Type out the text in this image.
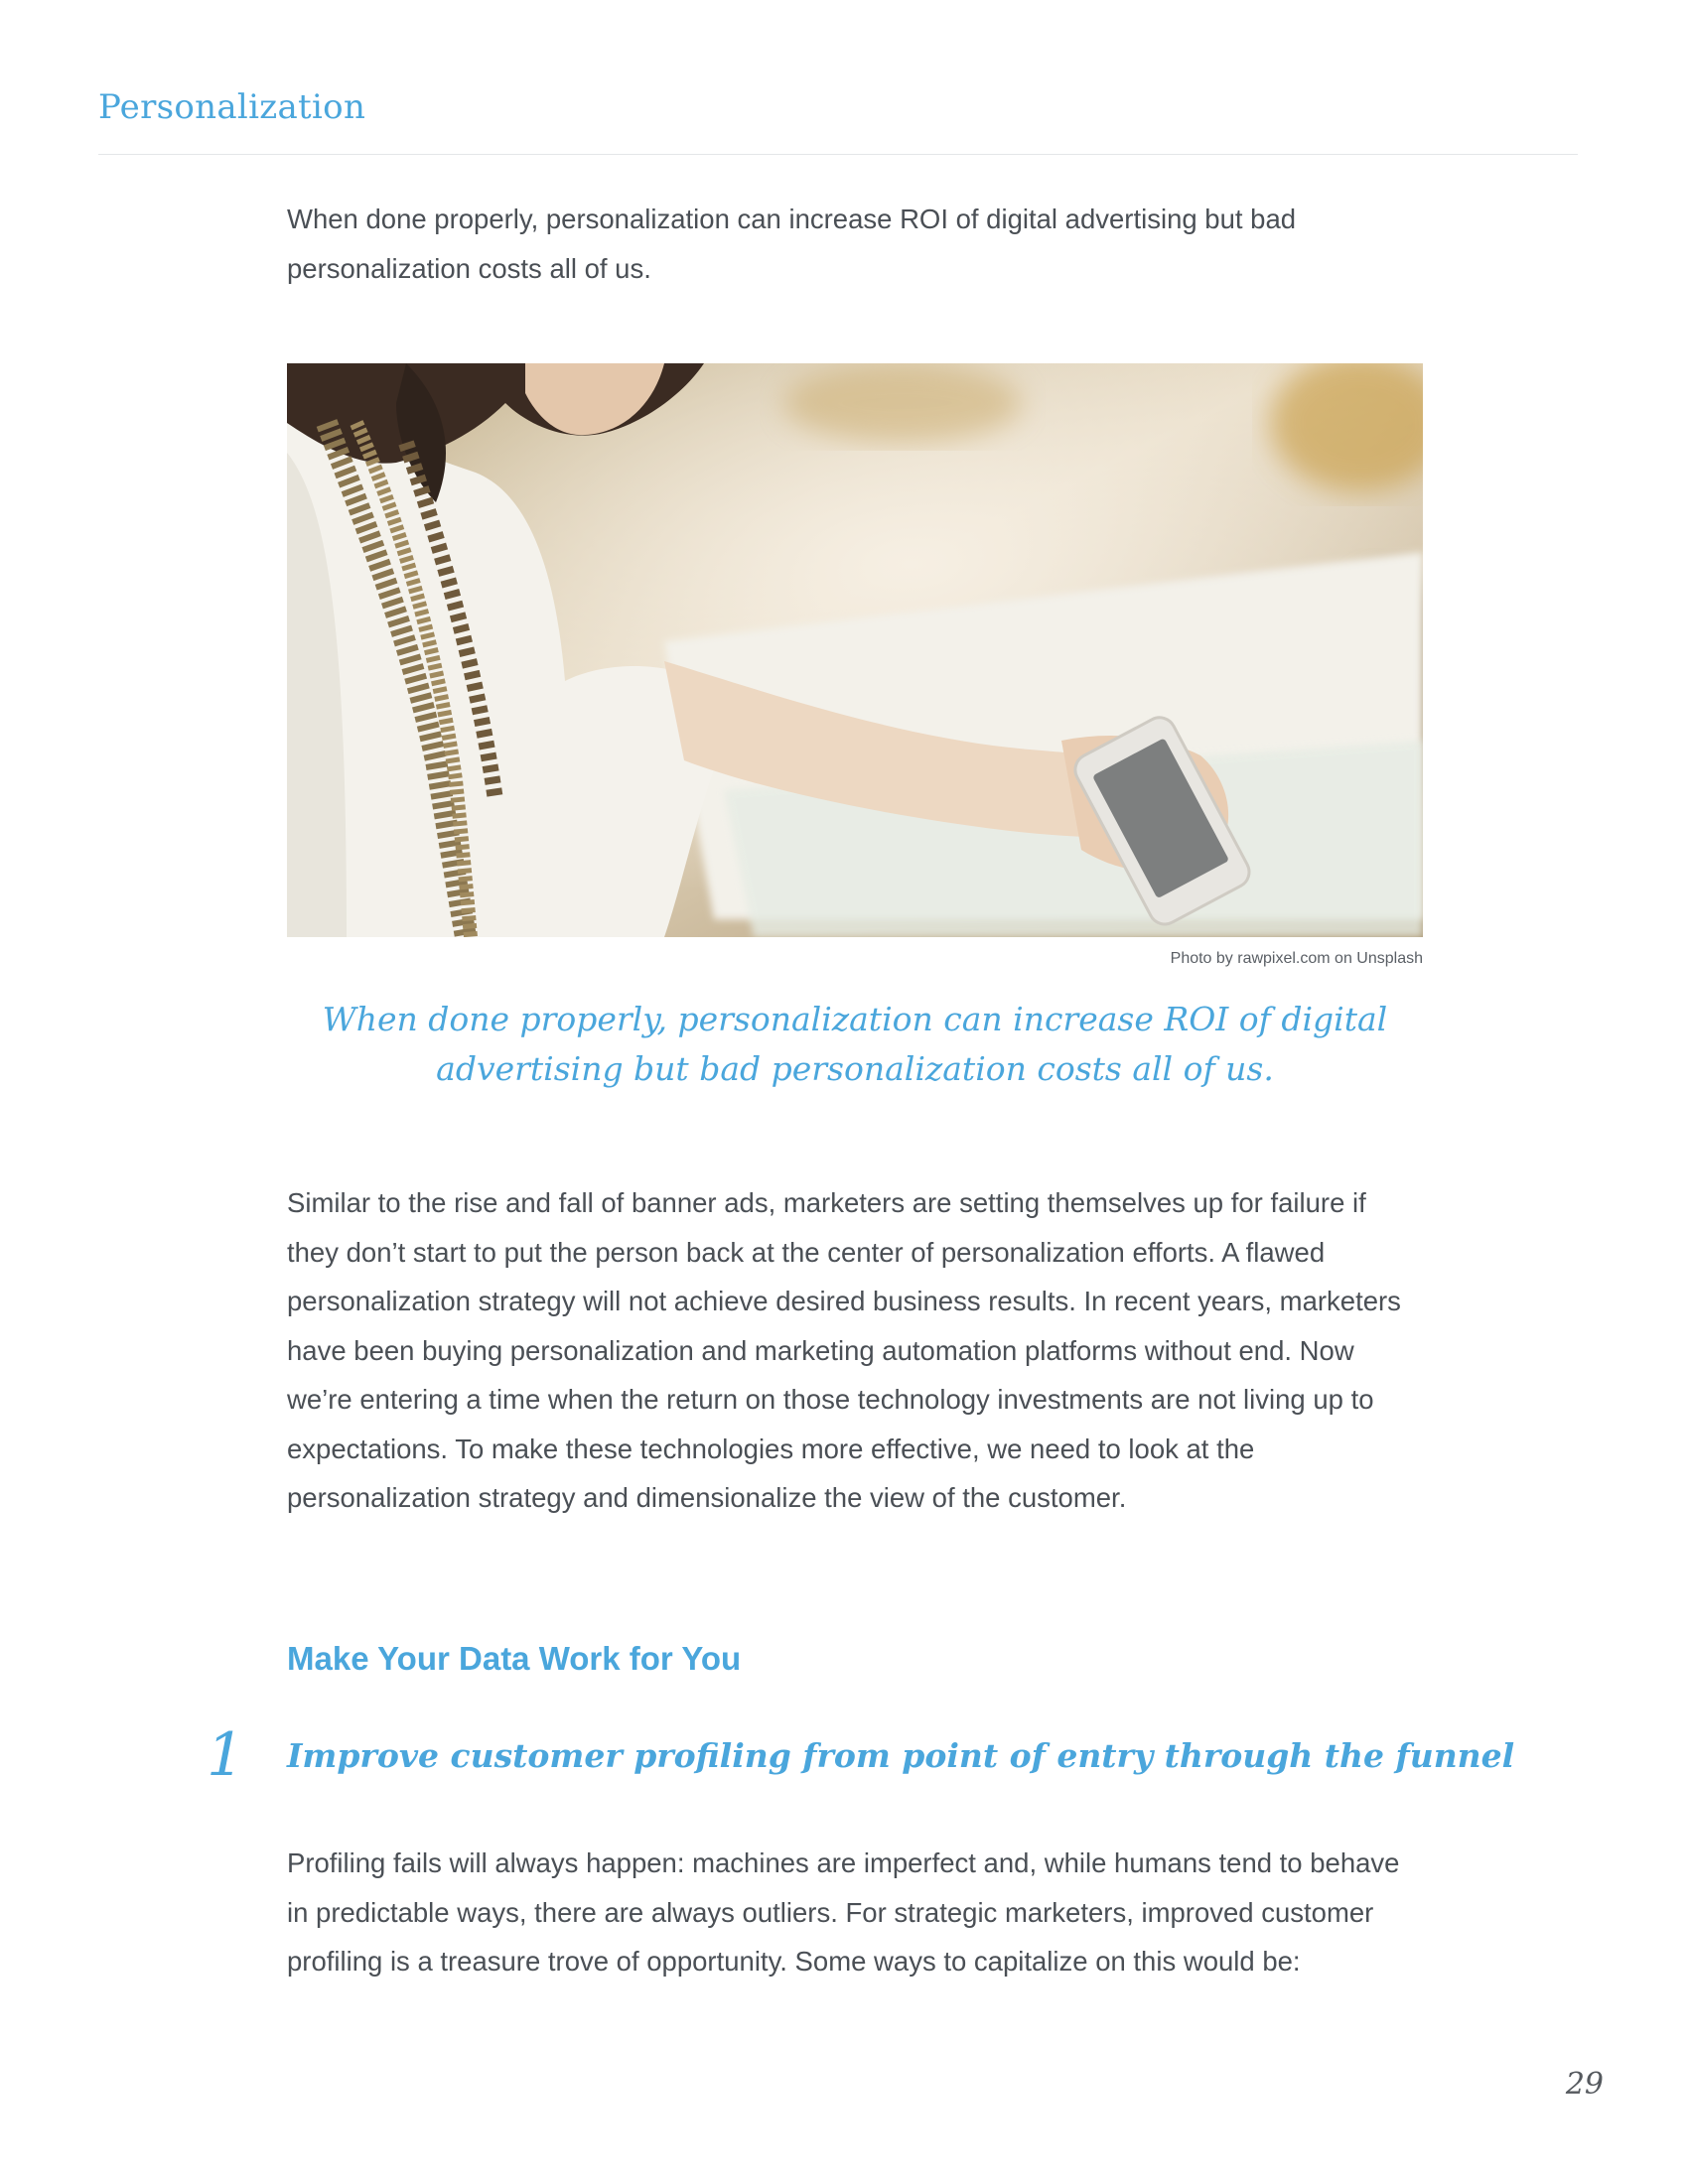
Personalization

When done properly, personalization can increase ROI of digital advertising but bad personalization costs all of us.

Photo by rawpixel.com on Unsplash

When done properly, personalization can increase ROI of digital advertising but bad personalization costs all of us.

Similar to the rise and fall of banner ads, marketers are setting themselves up for failure if they don’t start to put the person back at the center of personalization efforts. A flawed personalization strategy will not achieve desired business results. In recent years, marketers have been buying personalization and marketing automation platforms without end. Now we’re entering a time when the return on those technology investments are not living up to expectations. To make these technologies more effective, we need to look at the personalization strategy and dimensionalize the view of the customer.

Make Your Data Work for You
1 Improve customer profiling from point of entry through the funnel

Profiling fails will always happen: machines are imperfect and, while humans tend to behave in predictable ways, there are always outliers. For strategic marketers, improved customer profiling is a treasure trove of opportunity. Some ways to capitalize on this would be:

29
